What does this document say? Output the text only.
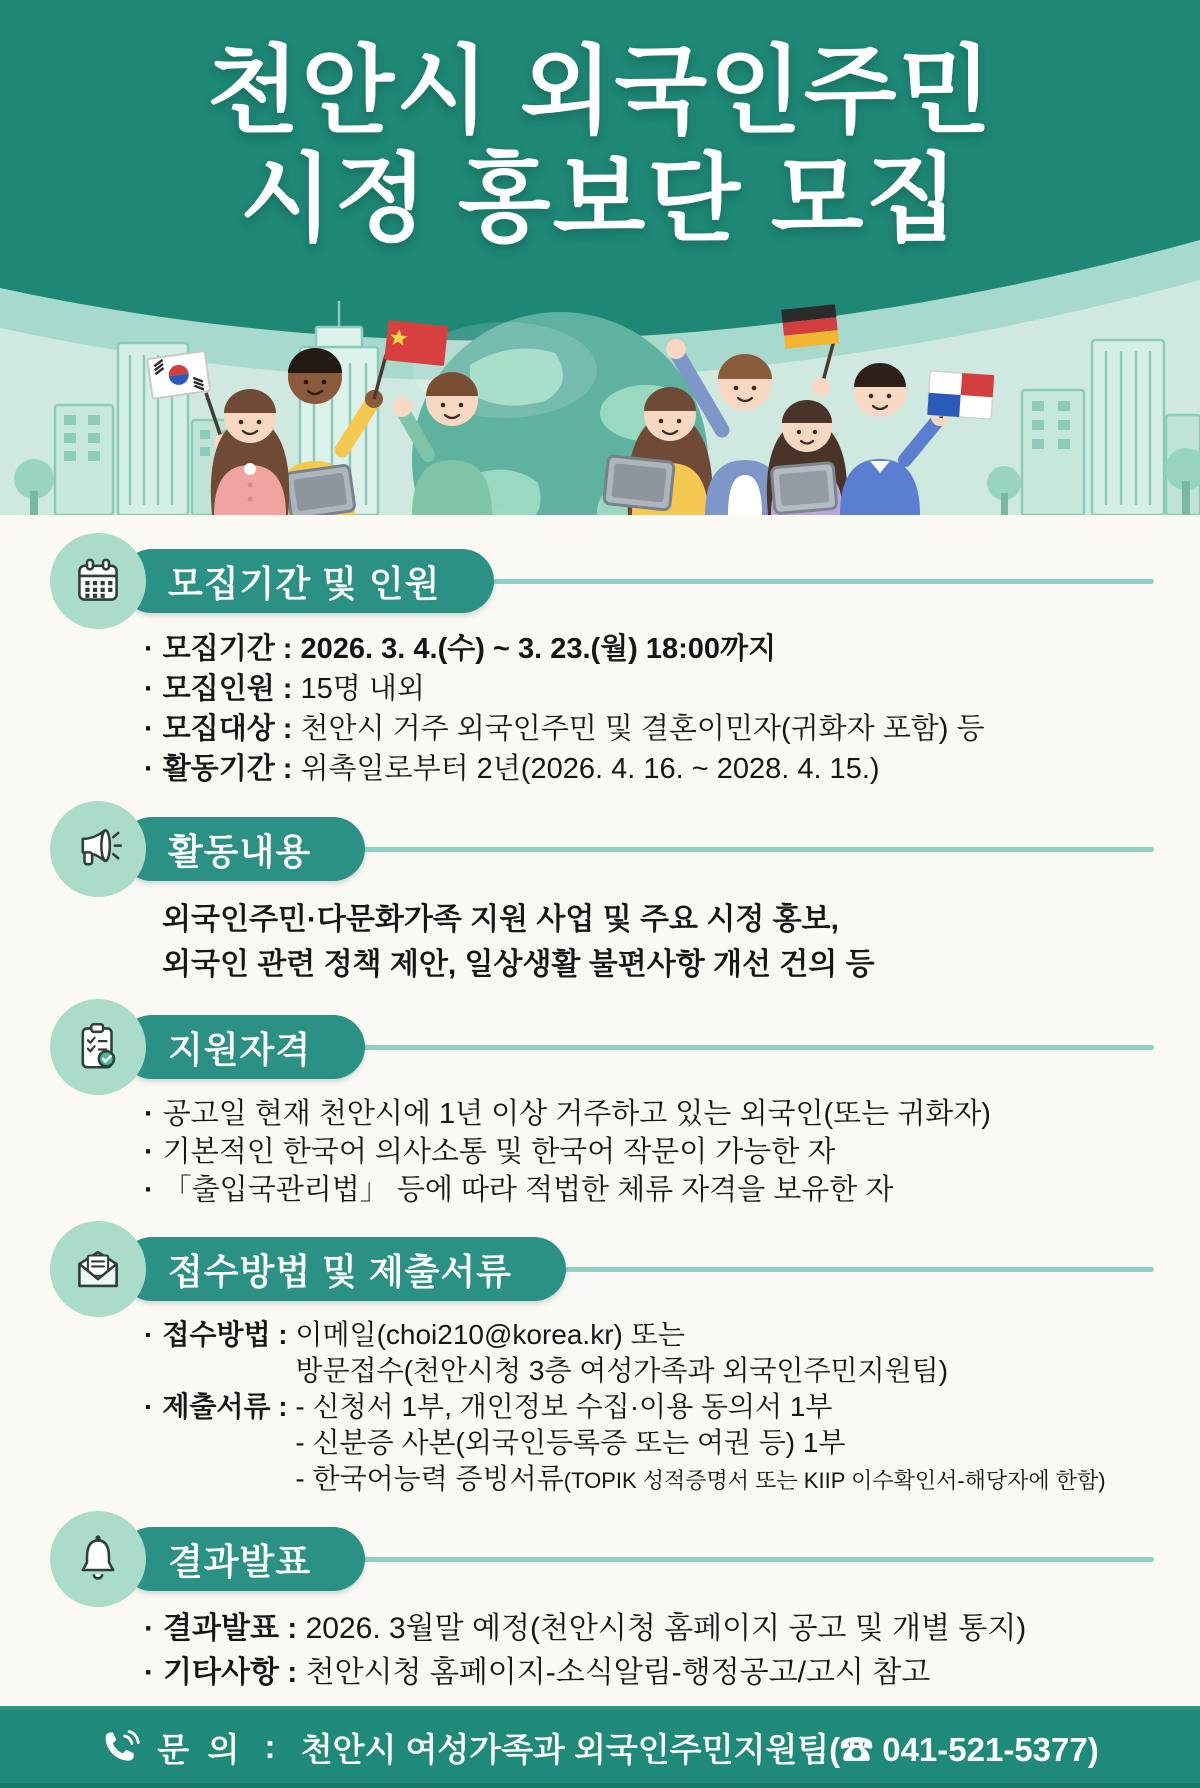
천안시 외국인주민
시정 홍보단 모집
모집기간 및 인원
· 모집기간 : 2026. 3. 4.(수) ~ 3. 23.(월) 18:00까지
· 모집인원 : 15명 내외
· 모집대상 : 천안시 거주 외국인주민 및 결혼이민자(귀화자 포함) 등
· 활동기간 : 위촉일로부터 2년(2026. 4. 16. ~ 2028. 4. 15.)
활동내용
외국인주민·다문화가족 지원 사업 및 주요 시정 홍보,
외국인 관련 정책 제안, 일상생활 불편사항 개선 건의 등
지원자격
· 공고일 현재 천안시에 1년 이상 거주하고 있는 외국인(또는 귀화자)
· 기본적인 한국어 의사소통 및 한국어 작문이 가능한 자
· 「출입국관리법」 등에 따라 적법한 체류 자격을 보유한 자
접수방법 및 제출서류
· 접수방법 : 이메일(choi210@korea.kr) 또는
방문접수(천안시청 3층 여성가족과 외국인주민지원팀)
· 제출서류 : - 신청서 1부, 개인정보 수집·이용 동의서 1부
- 신분증 사본(외국인등록증 또는 여권 등) 1부
- 한국어능력 증빙서류(TOPIK 성적증명서 또는 KIIP 이수확인서-해당자에 한함)
결과발표
· 결과발표 : 2026. 3월말 예정(천안시청 홈페이지 공고 및 개별 통지)
· 기타사항 : 천안시청 홈페이지-소식알림-행정공고/고시 참고
문  의 : 천안시 여성가족과 외국인주민지원팀(☎ 041-521-5377)
